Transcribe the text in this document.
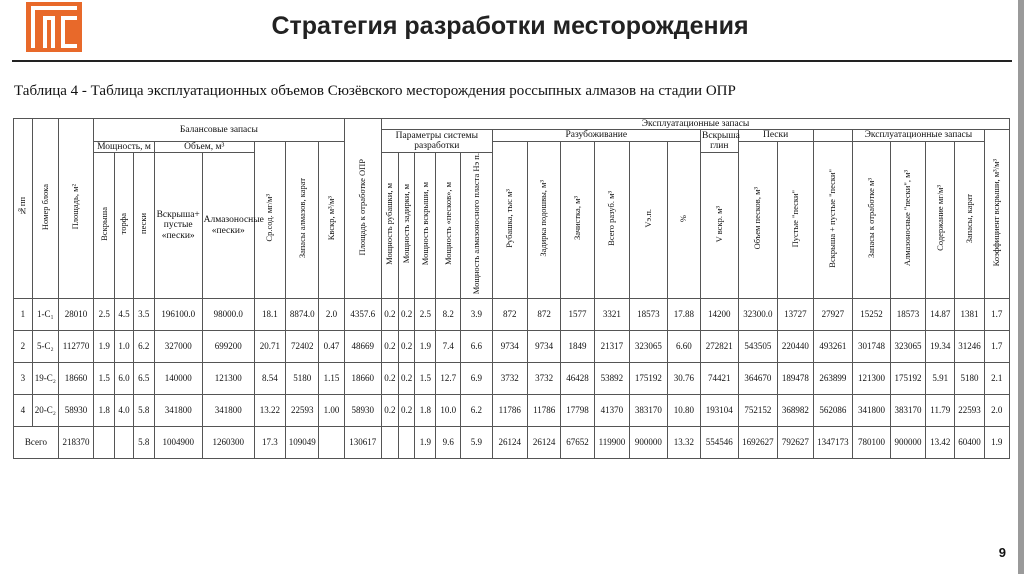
Стратегия разработки месторождения
Таблица 4 - Таблица эксплуатационных объемов Сюзёвского месторождения россыпных алмазов на стадии ОПР
№пп	Номер блока	Площадь, м²	Балансовые запасы								Площадь к отработке ОПР	Эксплуатационные запасы																			
												Параметры системы разработки					Разубоживание						Вскрыша глин	Пески			Эксплуатационные запасы				Коэффициент вскрыши, м³/м³
			Мощность, м			Объем, м³		Ср.сод. мг/м³	Запасы алмазов, карат	Квскр, м³/м³							Рубашка, тыс м³	Задирка подошвы, м³	Зачистка, м³	Всего разуб. м³	Vэ.п.	%		Объем песков, м³	Пустые "пески"	Вскрыша + пустые "пески"	Запасы к отработке м³	Алмазоносные "пески", м³	Содержание мг/м³	Запасы, карат	
			Вскрыша	торфа	пески	Вскрыша+ пустые «пески»	Алмазоносные «пески»					Мощность рубашки, м	Мощность задирки, м	Мощность вскрыши, м	Мощность «песков», м	Мощность алмазоносного пласта Нэ п.							V вскр. м³								
1	1-С₁	28010	2.5	4.5	3.5	196100.0	98000.0	18.1	8874.0	2.0	4357.6	0.2	0.2	2.5	8.2	3.9	872	872	1577	3321	18573	17.88	14200	32300.0	13727	27927	15252	18573	14.87	1381	1.7
2	5-С₂	112770	1.9	1.0	6.2	327000	699200	20.71	72402	0.47	48669	0.2	0.2	1.9	7.4	6.6	9734	9734	1849	21317	323065	6.60	272821	543505	220440	493261	301748	323065	19.34	31246	1.7
3	19-С₂	18660	1.5	6.0	6.5	140000	121300	8.54	5180	1.15	18660	0.2	0.2	1.5	12.7	6.9	3732	3732	46428	53892	175192	30.76	74421	364670	189478	263899	121300	175192	5.91	5180	2.1
4	20-С₂	58930	1.8	4.0	5.8	341800	341800	13.22	22593	1.00	58930	0.2	0.2	1.8	10.0	6.2	11786	11786	17798	41370	383170	10.80	193104	752152	368982	562086	341800	383170	11.79	22593	2.0
Всего		218370			5.8	1004900	1260300	17.3	109049		130617			1.9	9.6	5.9	26124	26124	67652	119900	900000	13.32	554546	1692627	792627	1347173	780100	900000	13.42	60400	1.9
9
